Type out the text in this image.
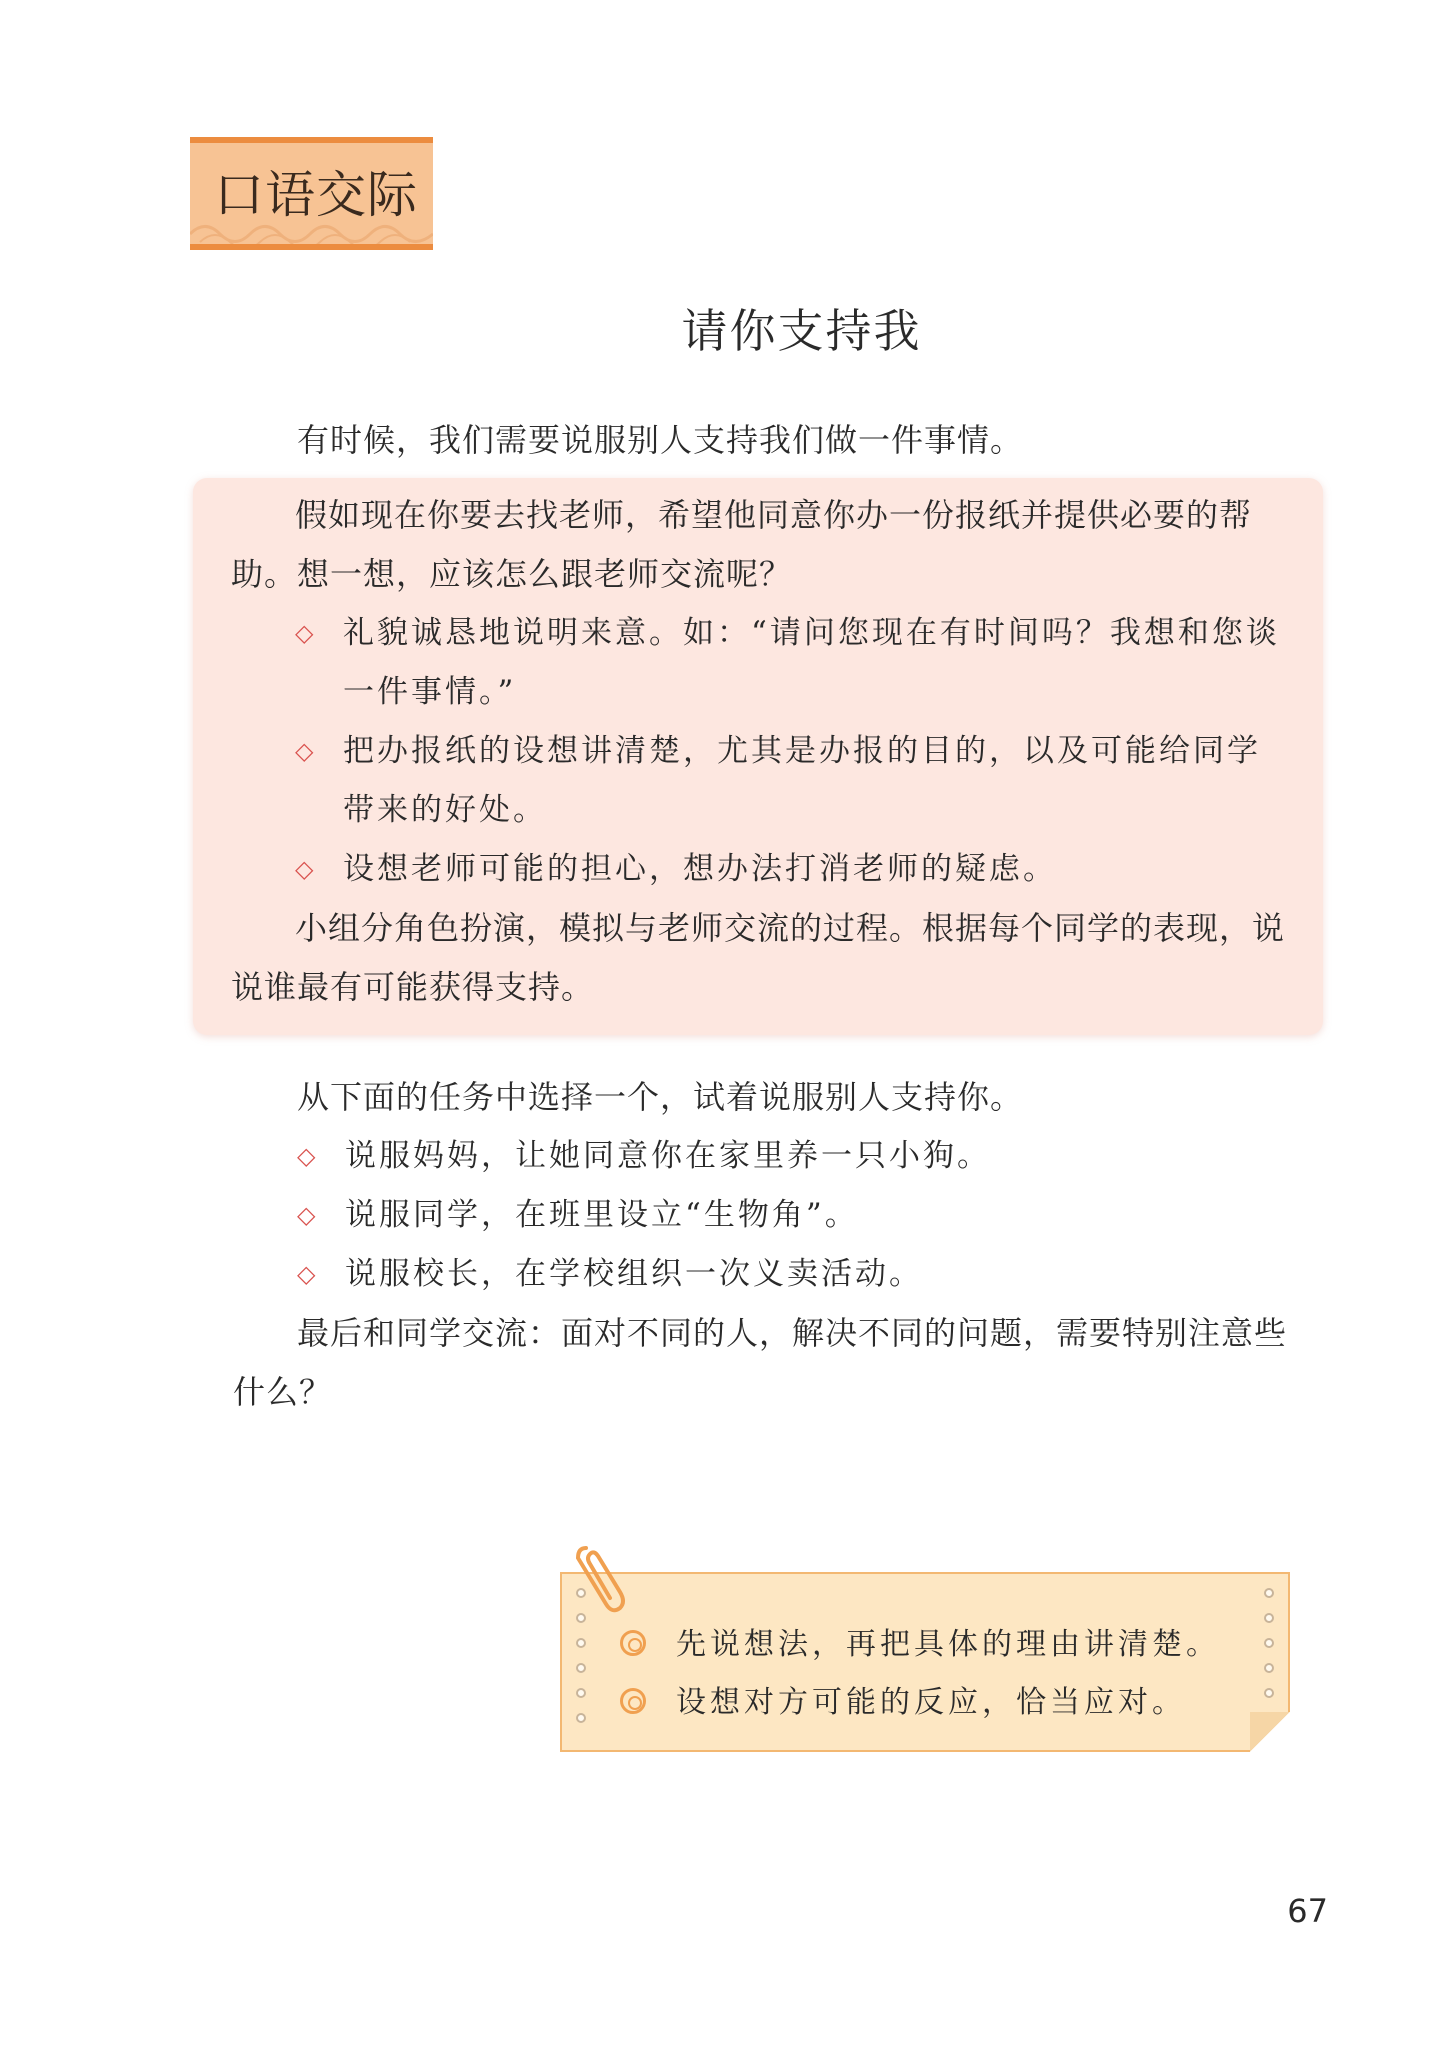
口语交际
请你支持我
有时候，我们需要说服别人支持我们做一件事情。
假如现在你要去找老师，希望他同意你办一份报纸并提供必要的帮助。想一想，应该怎么跟老师交流呢？
◇ 礼貌诚恳地说明来意。如：“请问您现在有时间吗？我想和您谈一件事情。”
◇ 把办报纸的设想讲清楚，尤其是办报的目的，以及可能给同学带来的好处。
◇ 设想老师可能的担心，想办法打消老师的疑虑。
小组分角色扮演，模拟与老师交流的过程。根据每个同学的表现，说说谁最有可能获得支持。
从下面的任务中选择一个，试着说服别人支持你。
◇ 说服妈妈，让她同意你在家里养一只小狗。
◇ 说服同学，在班里设立“生物角”。
◇ 说服校长，在学校组织一次义卖活动。
最后和同学交流：面对不同的人，解决不同的问题，需要特别注意些什么？
先说想法，再把具体的理由讲清楚。
设想对方可能的反应，恰当应对。
67
